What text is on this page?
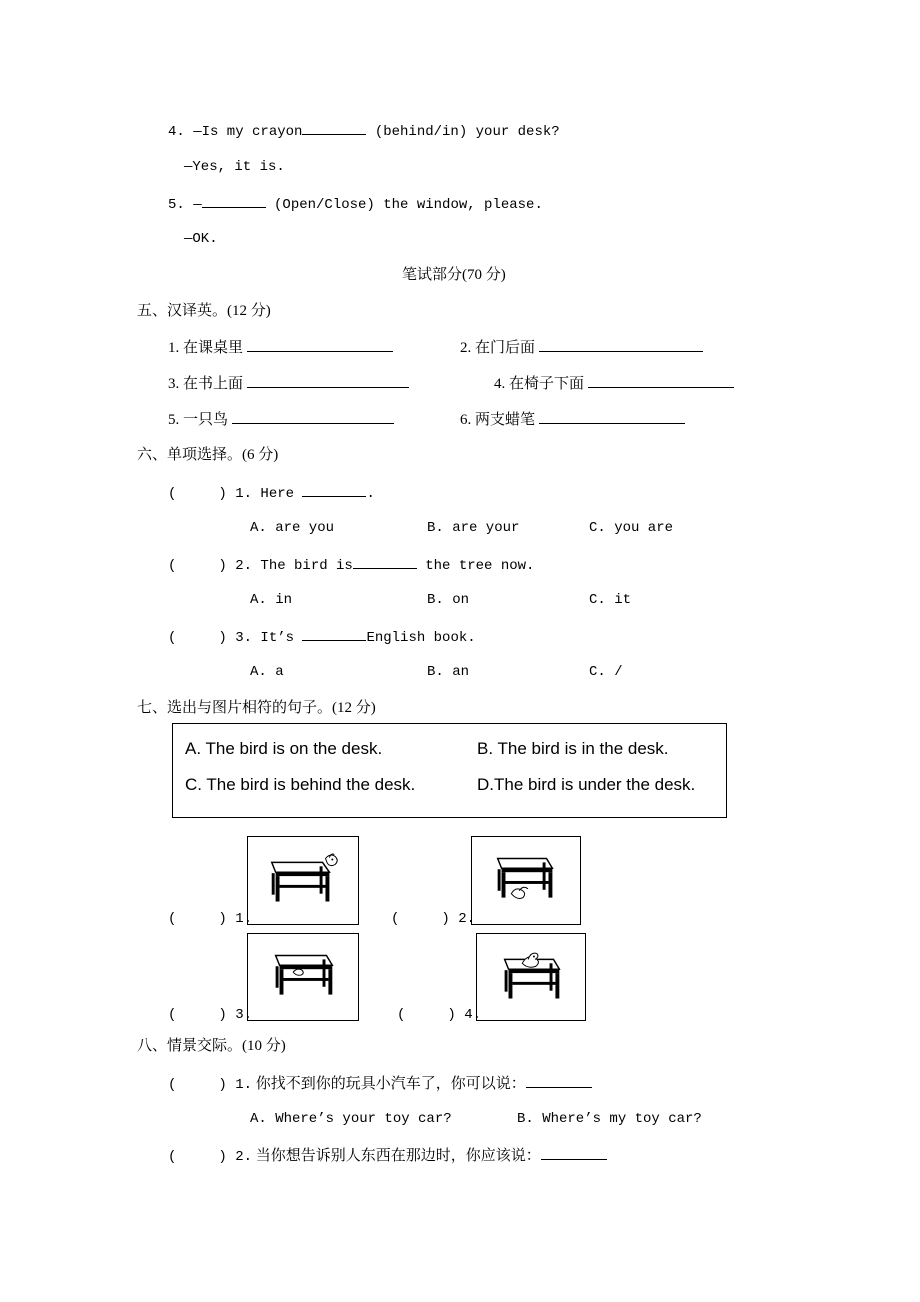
4. —Is my crayon	(behind/in) your desk?
—Yes, it is.
5. —	(Open/Close) the window, please.
—OK.
笔试部分(70 分)
五、汉译英。(12 分)
1. 在课桌里	2. 在门后面
3. 在书上面	4. 在椅子下面
5. 一只鸟	6. 两支蜡笔
六、单项选择。(6 分)
(     ) 1. Here	.
A. are you	B. are your	C. you are
(     ) 2. The bird is	the tree now.
A. in	B. on	C. it
(     ) 3. It’s	English book.
A. a	B. an	C. /
七、选出与图片相符的句子。(12 分)
A. The bird is on the desk.	B. The bird is in the desk.
C. The bird is behind the desk.	D.The bird is under the desk.
(     ) 1.	(     ) 2.
(     ) 3.	(     ) 4.
八、情景交际。(10 分)
(     ) 1. 你找不到你的玩具小汽车了，你可以说：
A. Where’s your toy car?	B. Where’s my toy car?
(     ) 2. 当你想告诉别人东西在那边时，你应该说：
